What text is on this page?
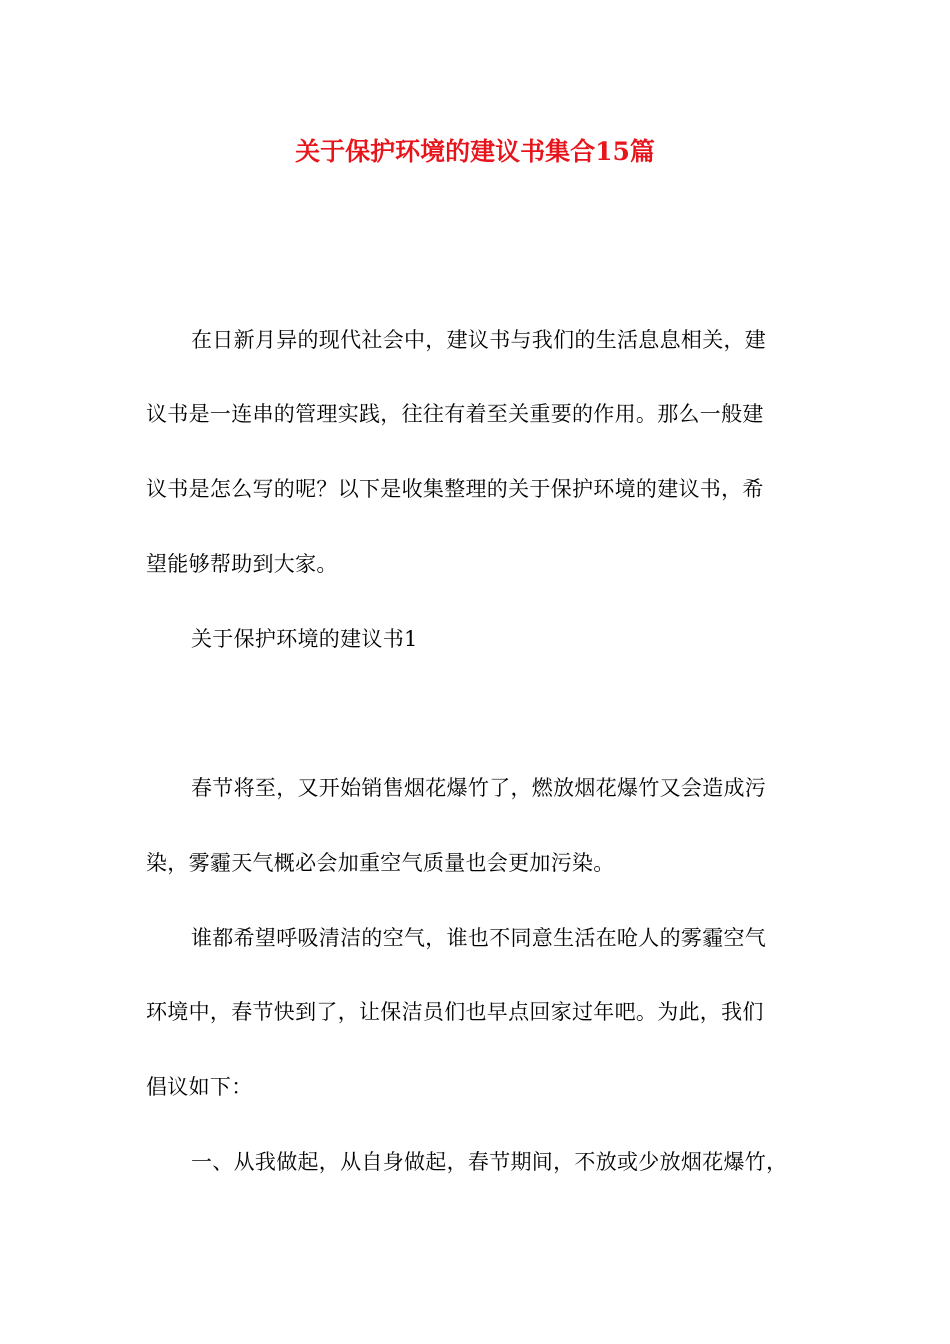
关于保护环境的建议书集合15篇
在日新月异的现代社会中，建议书与我们的生活息息相关，建
议书是一连串的管理实践，往往有着至关重要的作用。那么一般建
议书是怎么写的呢？以下是收集整理的关于保护环境的建议书，希
望能够帮助到大家。
关于保护环境的建议书1
春节将至，又开始销售烟花爆竹了，燃放烟花爆竹又会造成污
染，雾霾天气概必会加重空气质量也会更加污染。
谁都希望呼吸清洁的空气，谁也不同意生活在呛人的雾霾空气
环境中，春节快到了，让保洁员们也早点回家过年吧。为此，我们
倡议如下：
一、从我做起，从自身做起，春节期间，不放或少放烟花爆竹，
